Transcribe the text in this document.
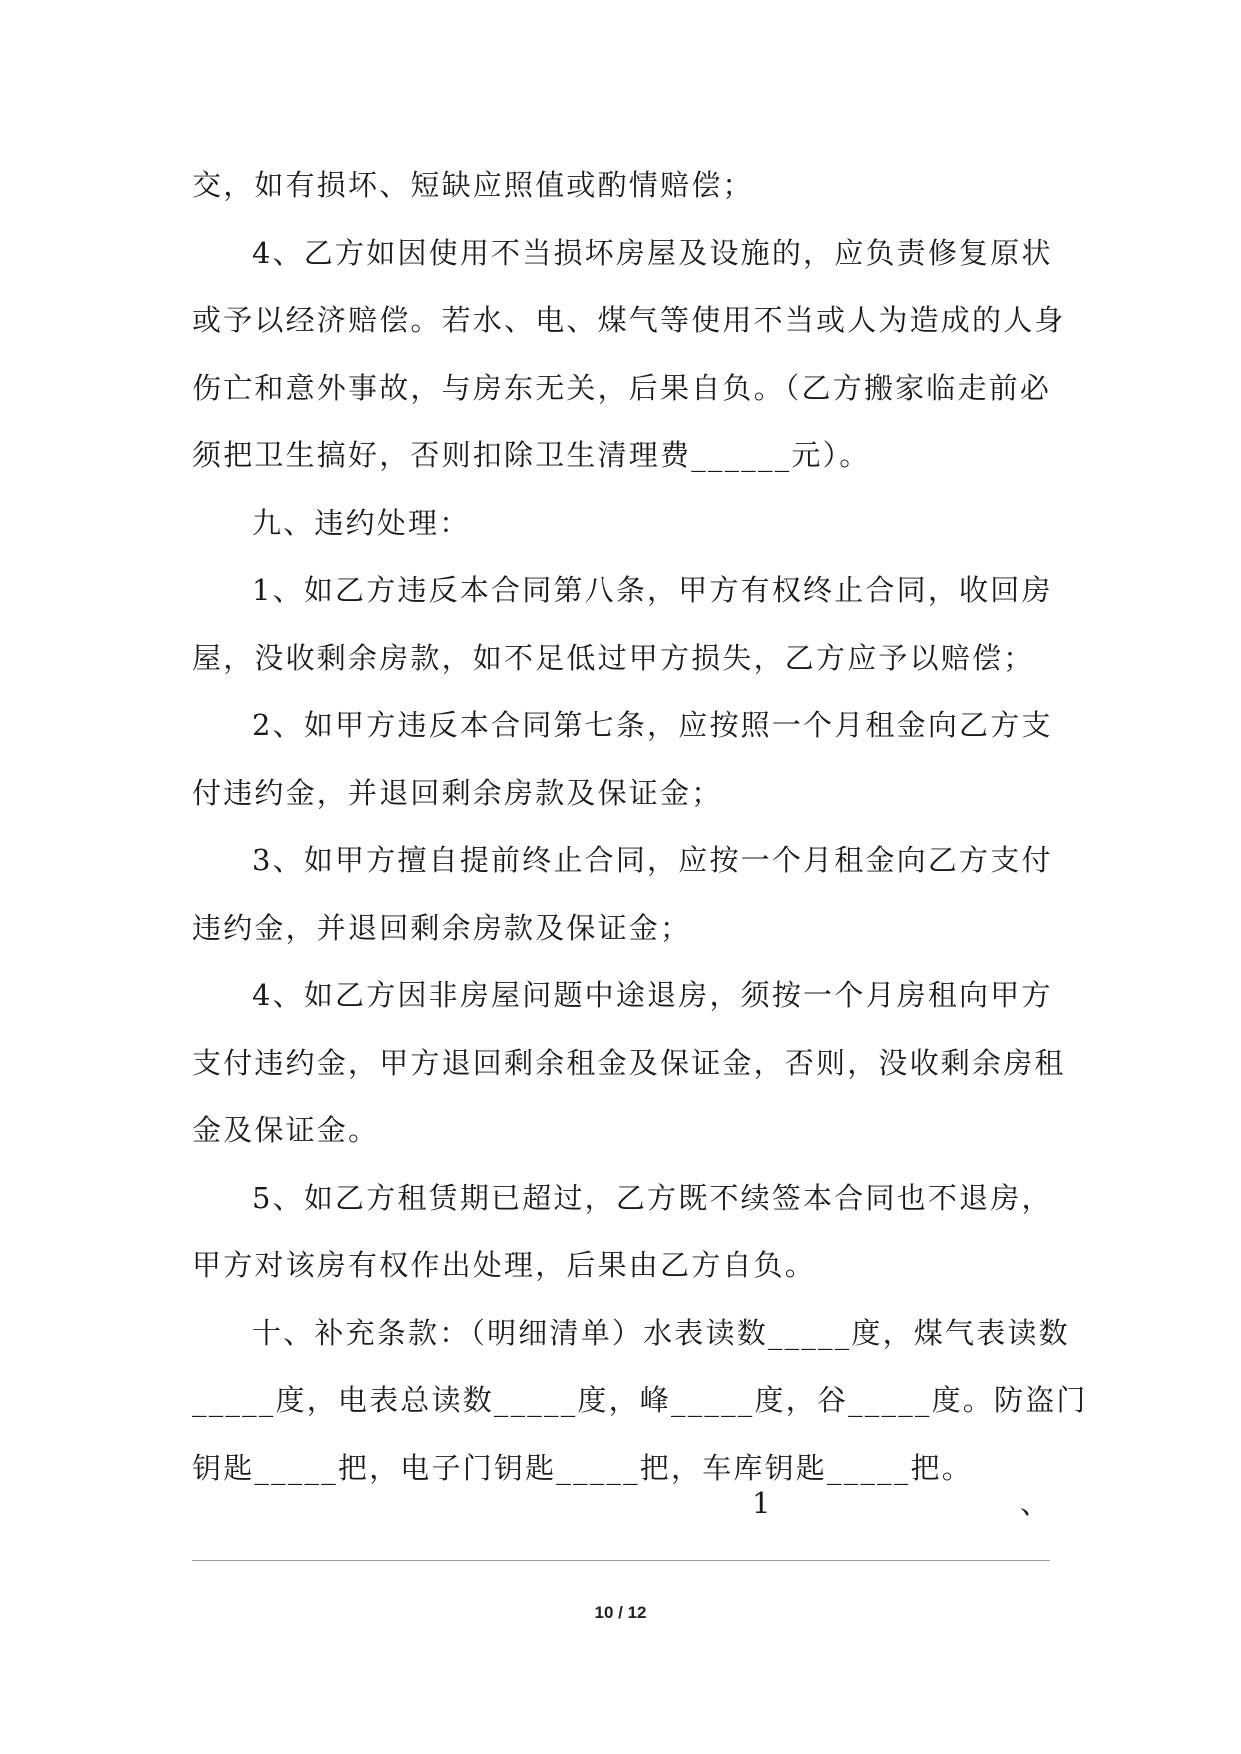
交，如有损坏、短缺应照值或酌情赔偿；
4、乙方如因使用不当损坏房屋及设施的，应负责修复原状
或予以经济赔偿。若水、电、煤气等使用不当或人为造成的人身
伤亡和意外事故，与房东无关，后果自负。（乙方搬家临走前必
须把卫生搞好，否则扣除卫生清理费______元）。
九、违约处理：
1、如乙方违反本合同第八条，甲方有权终止合同，收回房
屋，没收剩余房款，如不足低过甲方损失，乙方应予以赔偿；
2、如甲方违反本合同第七条，应按照一个月租金向乙方支
付违约金，并退回剩余房款及保证金；
3、如甲方擅自提前终止合同，应按一个月租金向乙方支付
违约金，并退回剩余房款及保证金；
4、如乙方因非房屋问题中途退房，须按一个月房租向甲方
支付违约金，甲方退回剩余租金及保证金，否则，没收剩余房租
金及保证金。
5、如乙方租赁期已超过，乙方既不续签本合同也不退房，
甲方对该房有权作出处理，后果由乙方自负。
十、补充条款：（明细清单）水表读数_____度，煤气表读数
_____度，电表总读数_____度，峰_____度，谷_____度。防盗门
钥匙_____把，电子门钥匙_____把，车库钥匙_____把。
1	、
10 / 12
